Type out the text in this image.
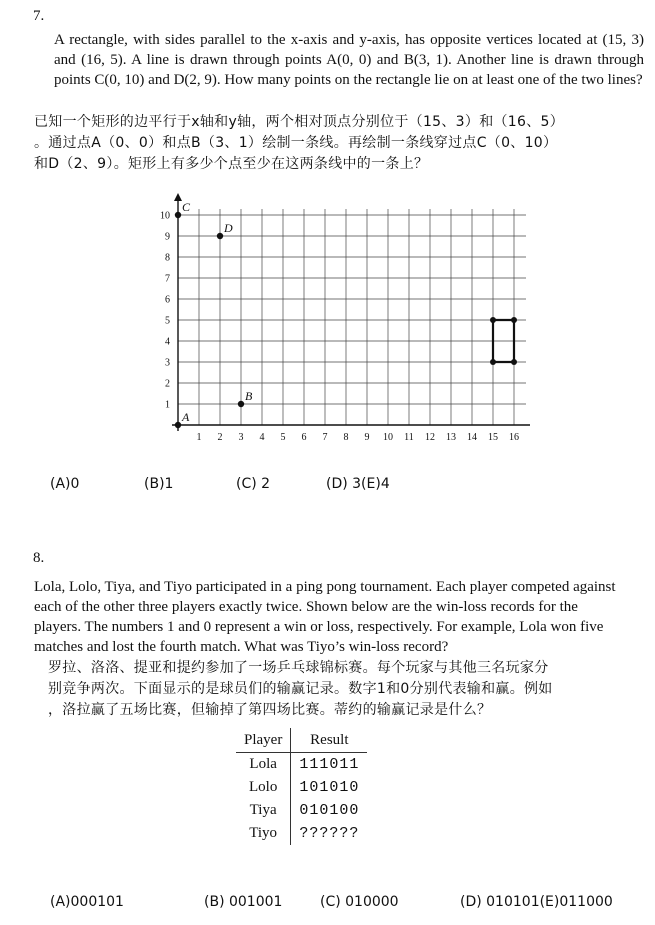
7.
A rectangle, with sides parallel to the x-axis and y-axis, has opposite vertices located at (15, 3) and (16, 5). A line is drawn through points A(0, 0) and B(3, 1). Another line is drawn through points C(0, 10) and D(2, 9). How many points on the rectangle lie on at least one of the two lines?
已知一个矩形的边平行于x轴和y轴，两个相对顶点分别位于（15、3）和（16、5）
。通过点A（0、0）和点B（3、1）绘制一条线。再绘制一条线穿过点C（0、10）
和D（2、9）。矩形上有多少个点至少在这两条线中的一条上？
1 2 3 4 5 6 7 8 9 10 11 12 13 14 15 16
1
2
3
4
5
6
7
8
9
10
A
B
C
D
(A)0	(B)1	(C) 2	(D) 3(E)4
8.
Lola, Lolo, Tiya, and Tiyo participated in a ping pong tournament. Each player competed against each of the other three players exactly twice. Shown below are the win-loss records for the players. The numbers 1 and 0 represent a win or loss, respectively. For example, Lola won five matches and lost the fourth match. What was Tiyo’s win-loss record?
罗拉、洛洛、提亚和提约参加了一场乒乓球锦标赛。每个玩家与其他三名玩家分
别竞争两次。下面显示的是球员们的输赢记录。数字1和0分别代表输和赢。例如
，洛拉赢了五场比赛，但输掉了第四场比赛。蒂约的输赢记录是什么？
Player	Result
Lola	111011
Lolo	101010
Tiya	010100
Tiyo	??????
(A)000101	(B) 001001	(C) 010000	(D) 010101(E)011000
